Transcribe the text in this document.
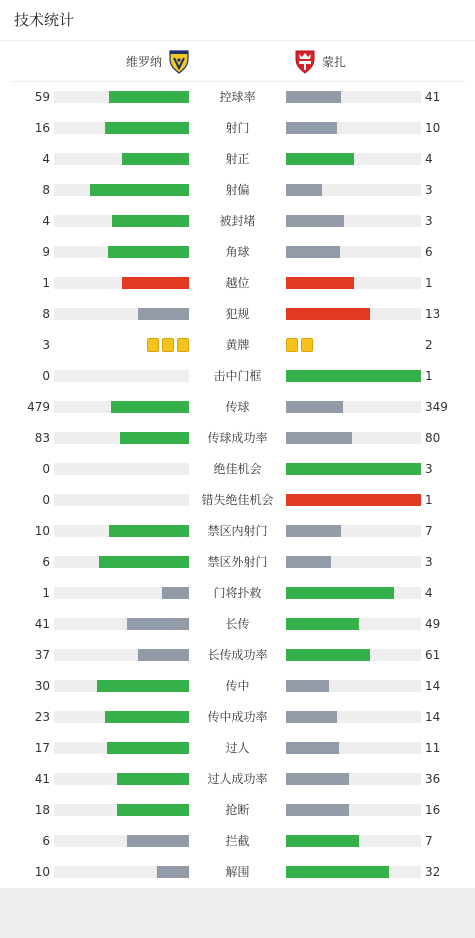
技术统计
维罗纳	蒙扎
59	控球率	41
16	射门	10
4	射正	4
8	射偏	3
4	被封堵	3
9	角球	6
1	越位	1
8	犯规	13
3	黄牌	2
0	击中门框	1
479	传球	349
83	传球成功率	80
0	绝佳机会	3
0	错失绝佳机会	1
10	禁区内射门	7
6	禁区外射门	3
1	门将扑救	4
41	长传	49
37	长传成功率	61
30	传中	14
23	传中成功率	14
17	过人	11
41	过人成功率	36
18	抢断	16
6	拦截	7
10	解围	32
